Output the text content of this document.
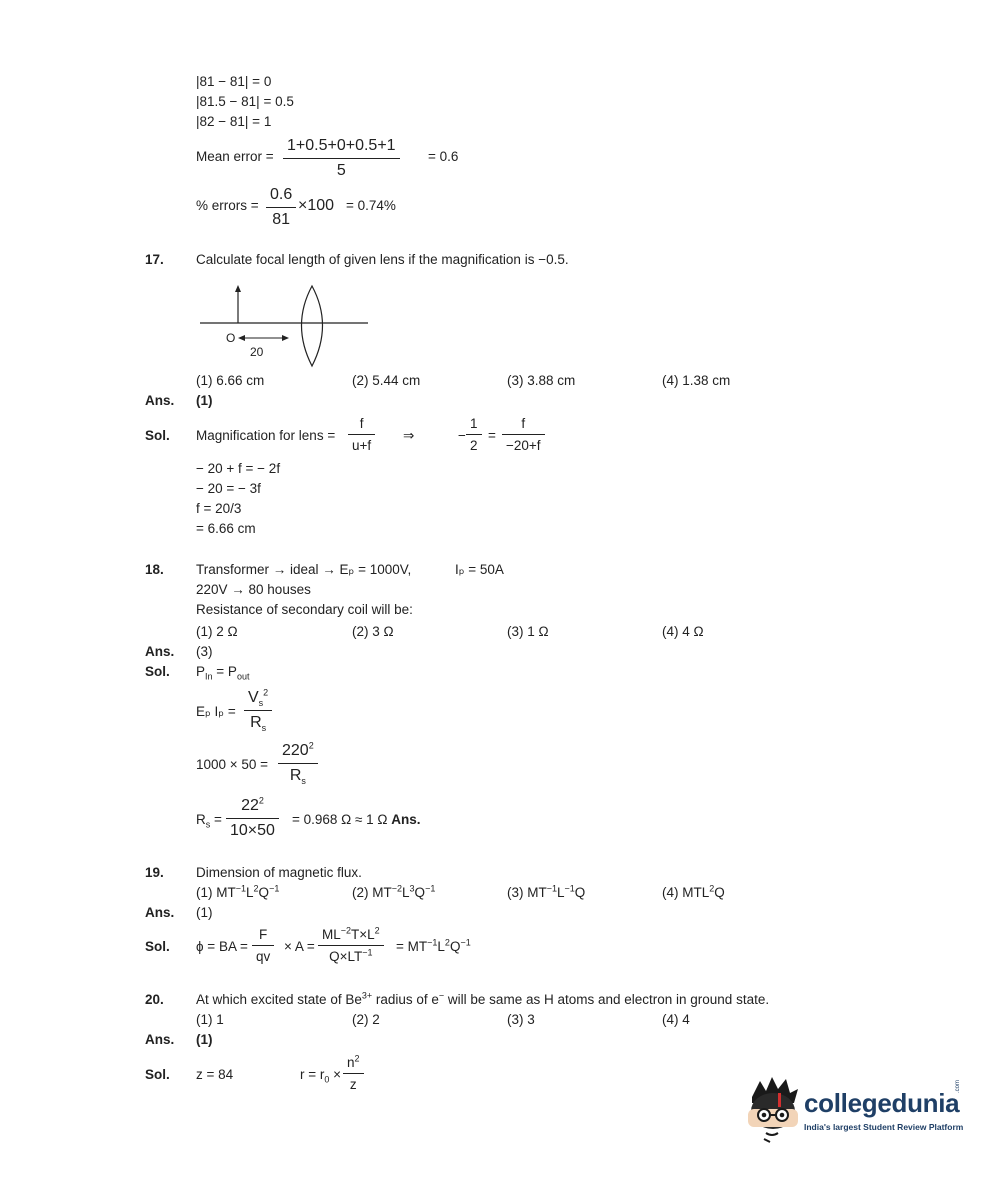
|81 − 81| = 0
|81.5 − 81| = 0.5
|82 − 81| = 1
Mean error = $\frac{1+0.5+0+0.5+1}{5} = 0.6$
% errors = $\frac{0.6}{81} \times 100 = 0.74\%$
17. Calculate focal length of given lens if the magnification is −0.5.
O
20
(1) 6.66 cm	(2) 5.44 cm	(3) 3.88 cm	(4) 1.38 cm
Ans. (1)
Sol. Magnification for lens = $\frac{f}{u+f}$ ⇒	− $\frac{1}{2} = \frac{f}{-20+f}$
− 20 + f = − 2f
− 20 = − 3f
f = 20/3
= 6.66 cm
18. Transformer → ideal → Eₚ = 1000V,	Iₚ = 50A
220V → 80 houses
Resistance of secondary coil will be:
(1) 2 Ω	(2) 3 Ω	(3) 1 Ω	(4) 4 Ω
Ans. (3)
Sol. $P_{In} = P_{out}$
Eₚ $I_p = \frac{V_s^2}{R_s}$
$1000 \times 50 = \frac{220^2}{R_s}$
$R_s = \frac{22^2}{10\times 50} = 0.968$ Ω ≈ 1 Ω Ans.
19. Dimension of magnetic flux.
(1) $MT^{-1}L^2Q^{-1}$	(2) $MT^{-2}L^3Q^{-1}$	(3) $MT^{-1}L^{-1}Q$	(4) MTL$^2$Q
Ans. (1)
Sol. ϕ = BA = $\frac{F}{qv} \times A = \frac{ML^{-2}T\times L^2}{Q\times LT^{-1}} = MT^{-1}L^2Q^{-1}$
20. At which excited state of $Be^{3+}$ radius of e− will be same as H atoms and electron in ground state.
(1) 1	(2) 2	(3) 3	(4) 4
Ans. (1)
Sol. z = 84	$r = r_0 \times \frac{n^2}{z}$
collegedunia
.com
India's largest Student Review Platform
